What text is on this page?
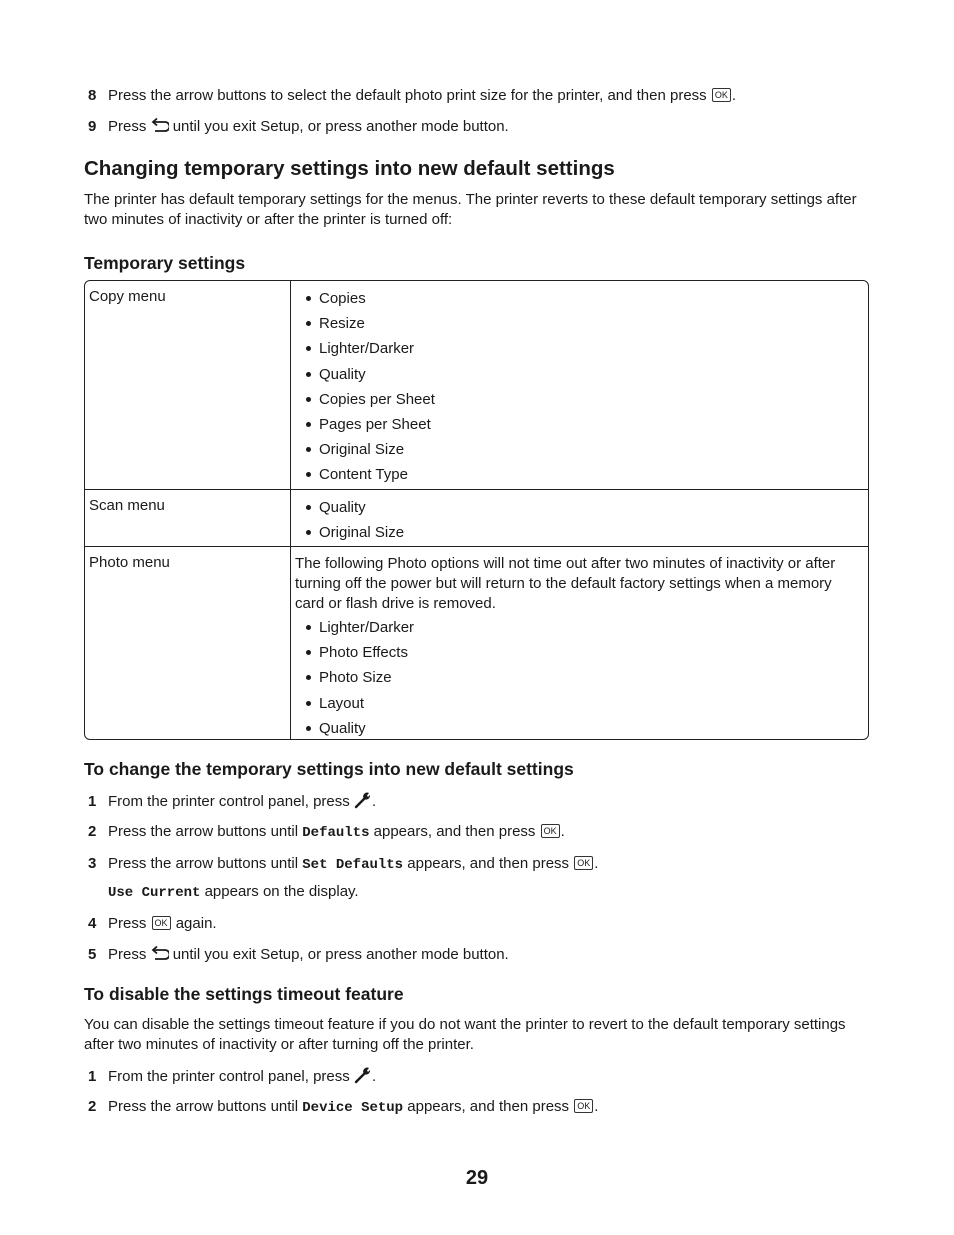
8 Press the arrow buttons to select the default photo print size for the printer, and then press OK .
9 Press until you exit Setup, or press another mode button.
Changing temporary settings into new default settings

The printer has default temporary settings for the menus. The printer reverts to these default temporary settings after two minutes of inactivity or after the printer is turned off:

Temporary settings
Copy menu	Copies
Resize
Lighter/Darker
Quality
Copies per Sheet
Pages per Sheet
Original Size
Content Type
Scan menu	Quality
Original Size
Photo menu	The following Photo options will not time out after two minutes of inactivity or after turning off the power but will return to the default factory settings when a memory card or flash drive is removed.
Lighter/Darker
Photo Effects
Photo Size
Layout
Quality
To change the temporary settings into new default settings
1 From the printer control panel, press .
2 Press the arrow buttons until Defaults appears, and then press OK .
3 Press the arrow buttons until Set Defaults appears, and then press OK .
Use Current appears on the display.
4 Press OK again.
5 Press until you exit Setup, or press another mode button.
To disable the settings timeout feature

You can disable the settings timeout feature if you do not want the printer to revert to the default temporary settings after two minutes of inactivity or after turning off the printer.

1 From the printer control panel, press .
2 Press the arrow buttons until Device Setup appears, and then press OK .
29
